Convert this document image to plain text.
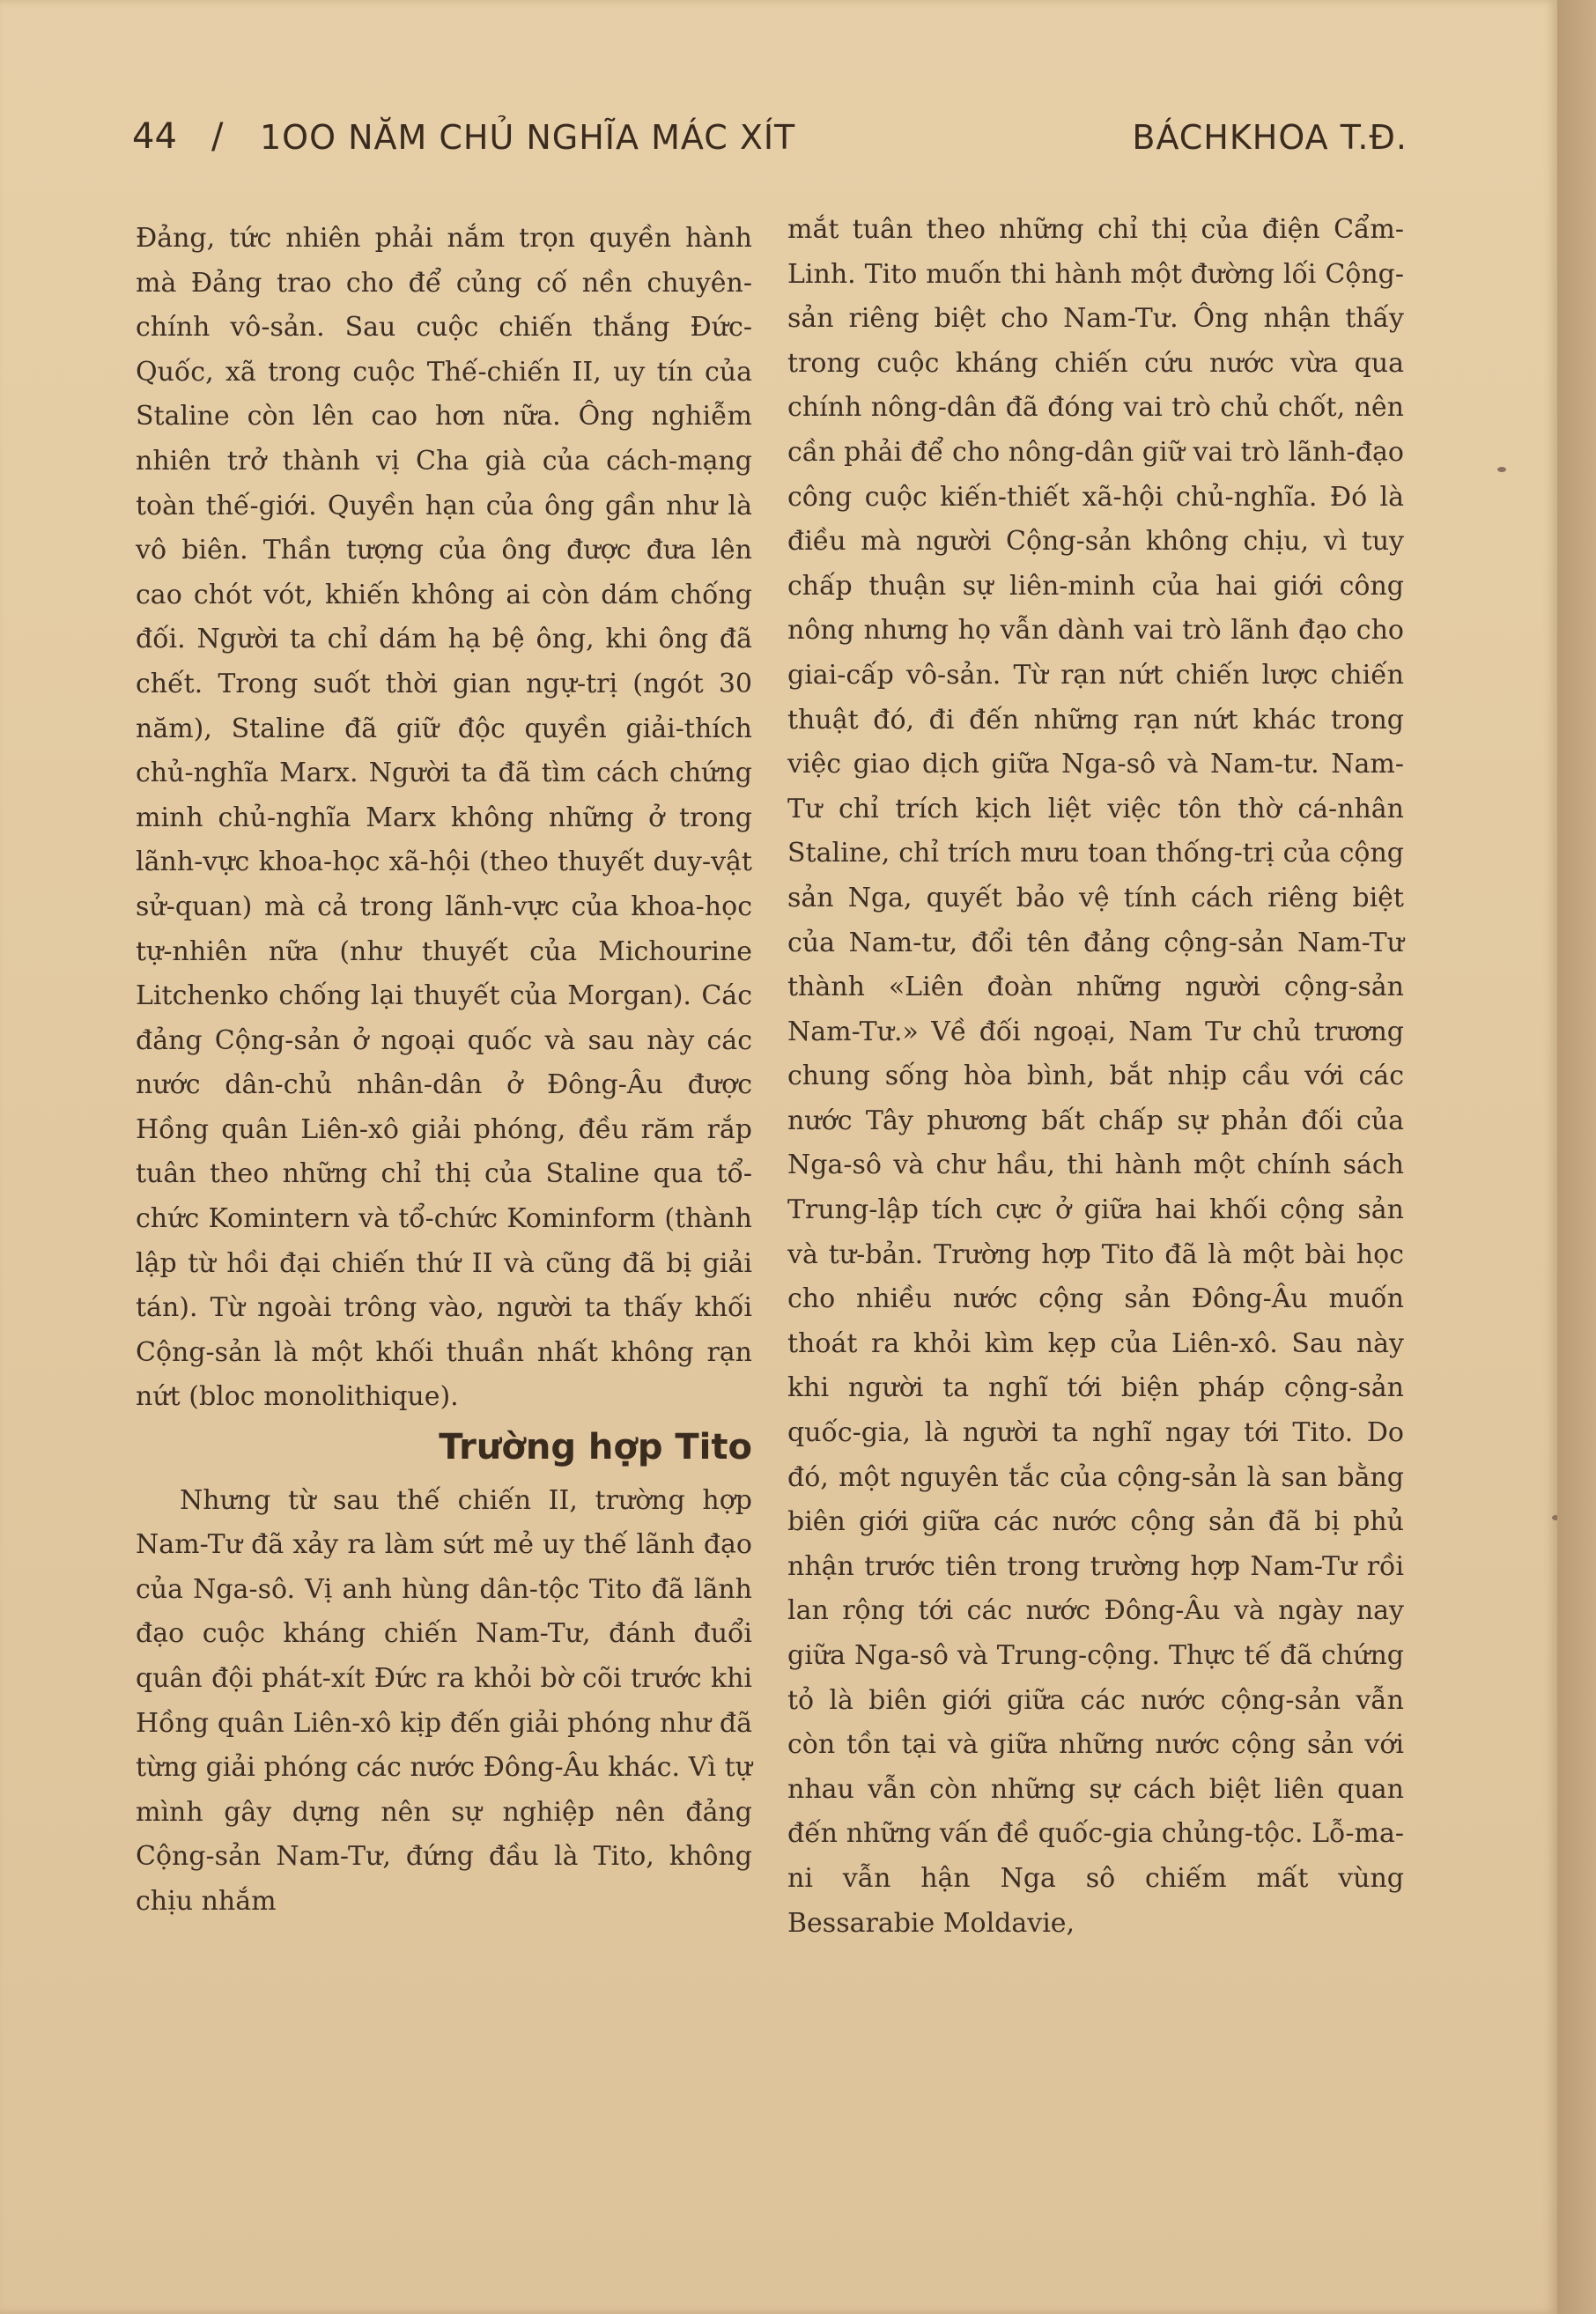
44 / 1OO NĂM CHỦ NGHĨA MÁC XÍT	BÁCHKHOA T.Đ.

Đảng, tức nhiên phải nắm trọn quyền hành mà Đảng trao cho để củng cố nền chuyên-chính vô-sản. Sau cuộc chiến thắng Đức-Quốc, xã trong cuộc Thế-chiến II, uy tín của Staline còn lên cao hơn nữa. Ông nghiễm nhiên trở thành vị Cha già của cách-mạng toàn thế-giới. Quyền hạn của ông gần như là vô biên. Thần tượng của ông được đưa lên cao chót vót, khiến không ai còn dám chống đối. Người ta chỉ dám hạ bệ ông, khi ông đã chết. Trong suốt thời gian ngự-trị (ngót 30 năm), Staline đã giữ độc quyền giải-thích chủ-nghĩa Marx. Người ta đã tìm cách chứng minh chủ-nghĩa Marx không những ở trong lãnh-vực khoa-học xã-hội (theo thuyết duy-vật sử-quan) mà cả trong lãnh-vực của khoa-học tự-nhiên nữa (như thuyết của Michourine Litchenko chống lại thuyết của Morgan). Các đảng Cộng-sản ở ngoại quốc và sau này các nước dân-chủ nhân-dân ở Đông-Âu được Hồng quân Liên-xô giải phóng, đều răm rắp tuân theo những chỉ thị của Staline qua tổ-chức Komintern và tổ-chức Kominform (thành lập từ hồi đại chiến thứ II và cũng đã bị giải tán). Từ ngoài trông vào, người ta thấy khối Cộng-sản là một khối thuần nhất không rạn nứt (bloc monolithique).

Trường hợp Tito

Nhưng từ sau thế chiến II, trường hợp Nam-Tư đã xảy ra làm sứt mẻ uy thế lãnh đạo của Nga-sô. Vị anh hùng dân-tộc Tito đã lãnh đạo cuộc kháng chiến Nam-Tư, đánh đuổi quân đội phát-xít Đức ra khỏi bờ cõi trước khi Hồng quân Liên-xô kịp đến giải phóng như đã từng giải phóng các nước Đông-Âu khác. Vì tự mình gây dựng nên sự nghiệp nên đảng Cộng-sản Nam-Tư, đứng đầu là Tito, không chịu nhắm

mắt tuân theo những chỉ thị của điện Cẩm-Linh. Tito muốn thi hành một đường lối Cộng-sản riêng biệt cho Nam-Tư. Ông nhận thấy trong cuộc kháng chiến cứu nước vừa qua chính nông-dân đã đóng vai trò chủ chốt, nên cần phải để cho nông-dân giữ vai trò lãnh-đạo công cuộc kiến-thiết xã-hội chủ-nghĩa. Đó là điều mà người Cộng-sản không chịu, vì tuy chấp thuận sự liên-minh của hai giới công nông nhưng họ vẫn dành vai trò lãnh đạo cho giai-cấp vô-sản. Từ rạn nứt chiến lược chiến thuật đó, đi đến những rạn nứt khác trong việc giao dịch giữa Nga-sô và Nam-tư. Nam-Tư chỉ trích kịch liệt việc tôn thờ cá-nhân Staline, chỉ trích mưu toan thống-trị của cộng sản Nga, quyết bảo vệ tính cách riêng biệt của Nam-tư, đổi tên đảng cộng-sản Nam-Tư thành «Liên đoàn những người cộng-sản Nam-Tư.» Về đối ngoại, Nam Tư chủ trương chung sống hòa bình, bắt nhịp cầu với các nước Tây phương bất chấp sự phản đối của Nga-sô và chư hầu, thi hành một chính sách Trung-lập tích cực ở giữa hai khối cộng sản và tư-bản. Trường hợp Tito đã là một bài học cho nhiều nước cộng sản Đông-Âu muốn thoát ra khỏi kìm kẹp của Liên-xô. Sau này khi người ta nghĩ tới biện pháp cộng-sản quốc-gia, là người ta nghĩ ngay tới Tito. Do đó, một nguyên tắc của cộng-sản là san bằng biên giới giữa các nước cộng sản đã bị phủ nhận trước tiên trong trường hợp Nam-Tư rồi lan rộng tới các nước Đông-Âu và ngày nay giữa Nga-sô và Trung-cộng. Thực tế đã chứng tỏ là biên giới giữa các nước cộng-sản vẫn còn tồn tại và giữa những nước cộng sản với nhau vẫn còn những sự cách biệt liên quan đến những vấn đề quốc-gia chủng-tộc. Lỗ-ma-ni vẫn hận Nga sô chiếm mất vùng Bessarabie Moldavie,
